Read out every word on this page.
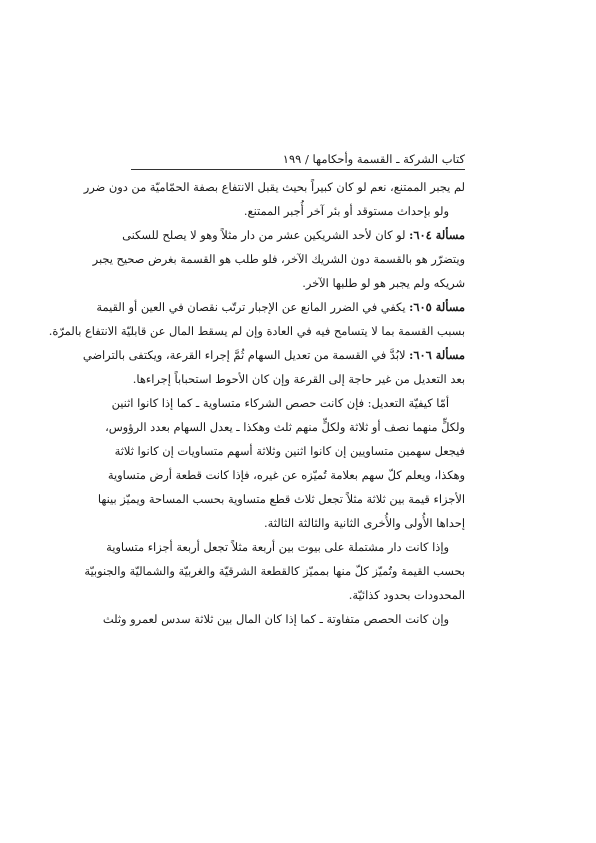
كتاب الشركة ـ القسمة وأحكامها / ١٩٩
لم يجبر الممتنع، نعم لو كان كبيراً بحيث يقبل الانتفاع بصفة الحمّاميّة من دون ضرر
ولو بإحداث مستوقد أو بئر آخر أُجبر الممتنع.
مسألة ٦٠٤: لو كان لأحد الشريكين عشر من دار مثلاً وهو لا يصلح للسكنى
ويتضرّر هو بالقسمة دون الشريك الآخر، فلو طلب هو القسمة بغرض صحيح يجبر
شريكه ولم يجبر هو لو طلبها الآخر.
مسألة ٦٠٥: يكفي في الضرر المانع عن الإجبار ترتّب نقصان في العين أو القيمة
بسبب القسمة بما لا يتسامح فيه في العادة وإن لم يسقط المال عن قابليّة الانتفاع بالمرّة.
مسألة ٦٠٦: لابُدَّ في القسمة من تعديل السهام ثُمَّ إجراء القرعة، ويكتفى بالتراضي
بعد التعديل من غير حاجة إلى القرعة وإن كان الأحوط استحباباً إجراءها.
أمّا كيفيّة التعديل: فإن كانت حصص الشركاء متساوية ـ كما إذا كانوا اثنين
ولكلٍّ منهما نصف أو ثلاثة ولكلٍّ منهم ثلث وهكذا ـ يعدل السهام بعدد الرؤوس،
فيجعل سهمين متساويين إن كانوا اثنين وثلاثة أسهم متساويات إن كانوا ثلاثة
وهكذا، ويعلم كلّ سهم بعلامة تُميّزه عن غيره، فإذا كانت قطعة أرض متساوية
الأجزاء قيمة بين ثلاثة مثلاً تجعل ثلاث قطع متساوية بحسب المساحة ويميّز بينها
إحداها الأُولى والأُخرى الثانية والثالثة الثالثة.
وإذا كانت دار مشتملة على بيوت بين أربعة مثلاً تجعل أربعة أجزاء متساوية
بحسب القيمة وتُميّز كلّ منها بمميّز كالقطعة الشرقيّة والغربيّة والشماليّة والجنوبيّة
المحدودات بحدود كذائيّة.
وإن كانت الحصص متفاوتة ـ كما إذا كان المال بين ثلاثة سدس لعمرو وثلث
